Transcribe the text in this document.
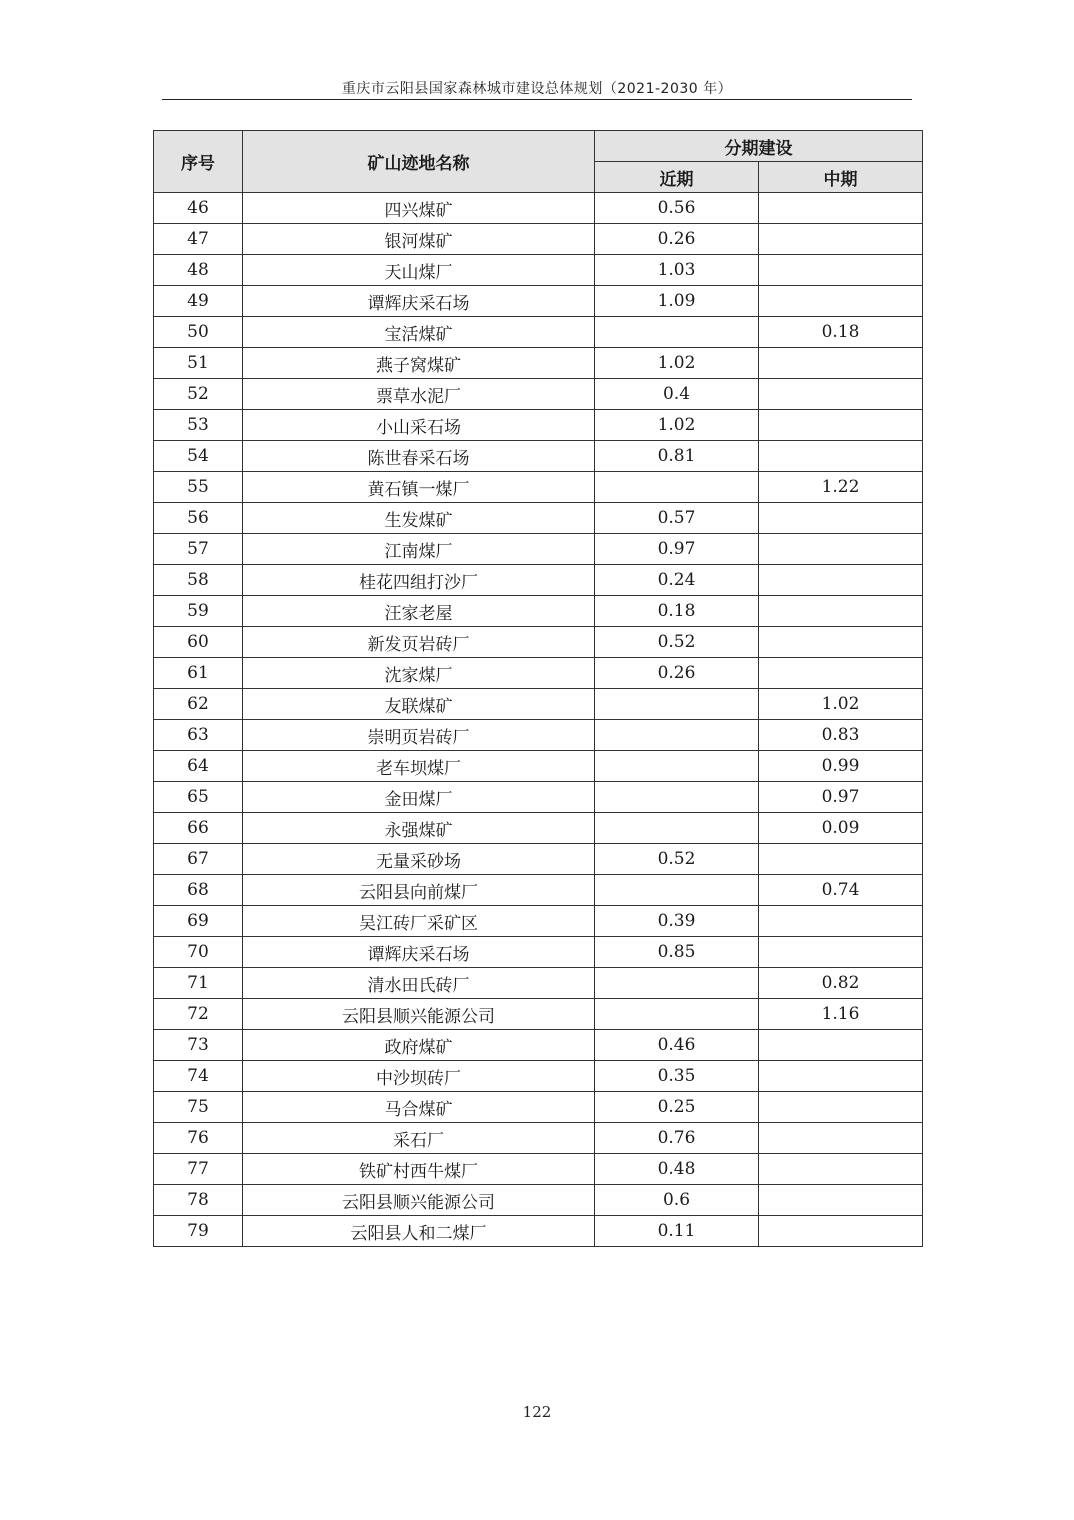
重庆市云阳县国家森林城市建设总体规划（2021-2030 年）
序号	矿山迹地名称	分期建设	
		近期	中期
46	四兴煤矿	0.56	
47	银河煤矿	0.26	
48	天山煤厂	1.03	
49	谭辉庆采石场	1.09	
50	宝活煤矿		0.18
51	燕子窝煤矿	1.02	
52	票草水泥厂	0.4	
53	小山采石场	1.02	
54	陈世春采石场	0.81	
55	黄石镇一煤厂		1.22
56	生发煤矿	0.57	
57	江南煤厂	0.97	
58	桂花四组打沙厂	0.24	
59	汪家老屋	0.18	
60	新发页岩砖厂	0.52	
61	沈家煤厂	0.26	
62	友联煤矿		1.02
63	崇明页岩砖厂		0.83
64	老车坝煤厂		0.99
65	金田煤厂		0.97
66	永强煤矿		0.09
67	无量采砂场	0.52	
68	云阳县向前煤厂		0.74
69	吴江砖厂采矿区	0.39	
70	谭辉庆采石场	0.85	
71	清水田氏砖厂		0.82
72	云阳县顺兴能源公司		1.16
73	政府煤矿	0.46	
74	中沙坝砖厂	0.35	
75	马合煤矿	0.25	
76	采石厂	0.76	
77	铁矿村西牛煤厂	0.48	
78	云阳县顺兴能源公司	0.6	
79	云阳县人和二煤厂	0.11	
122
